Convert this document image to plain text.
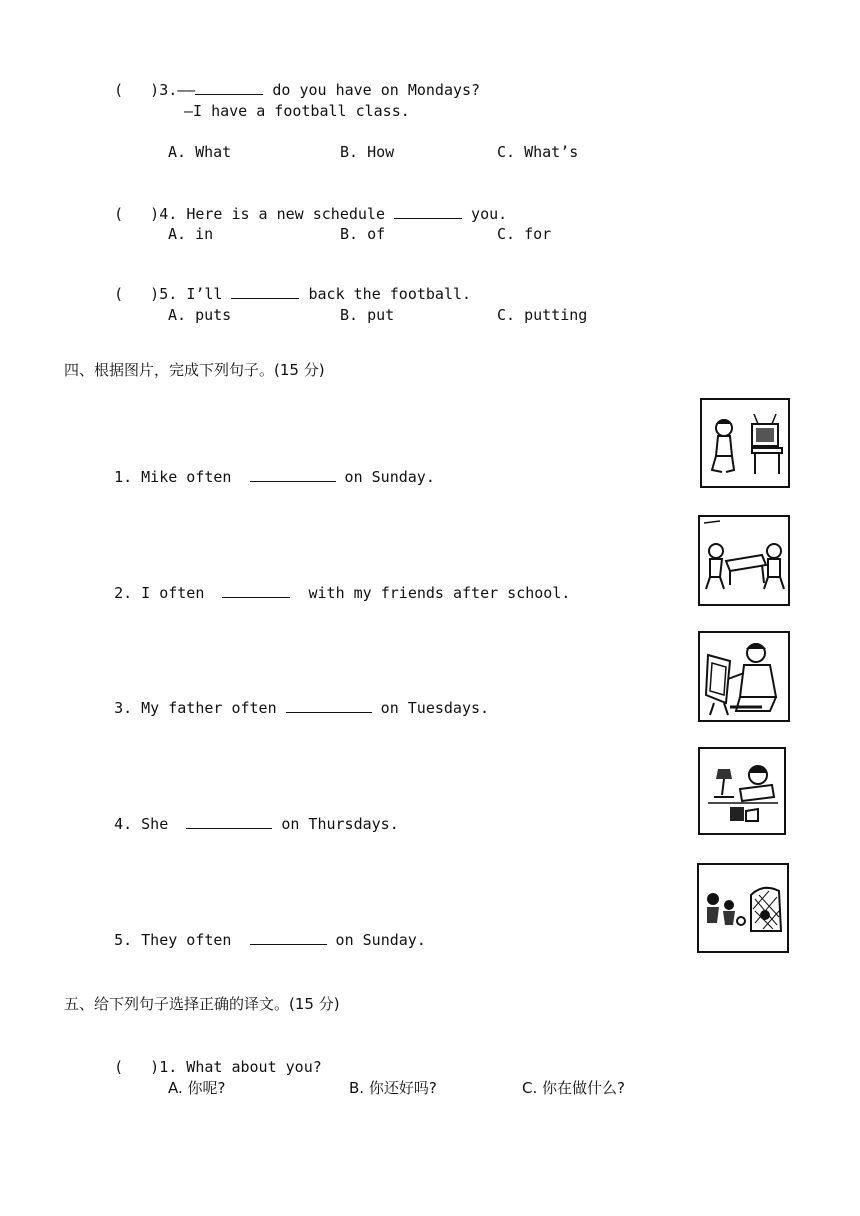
(   )3.——	do you have on Mondays?

—I have a football class.
A. What	B. How	C. What’s

(   )4. Here is a new schedule	you.

A. in	B. of	C. for

(   )5. I’ll	back the football.

A. puts	B. put	C. putting
四、根据图片，完成下列句子。(15 分)

1. Mike often	on Sunday.

2. I often	with my friends after school.

3. My father often	on Tuesdays.

4. She	on Thursdays.

5. They often	on Sunday.

五、给下列句子选择正确的译文。(15 分)

(   )1. What about you?

A. 你呢?	B. 你还好吗?	C. 你在做什么?
